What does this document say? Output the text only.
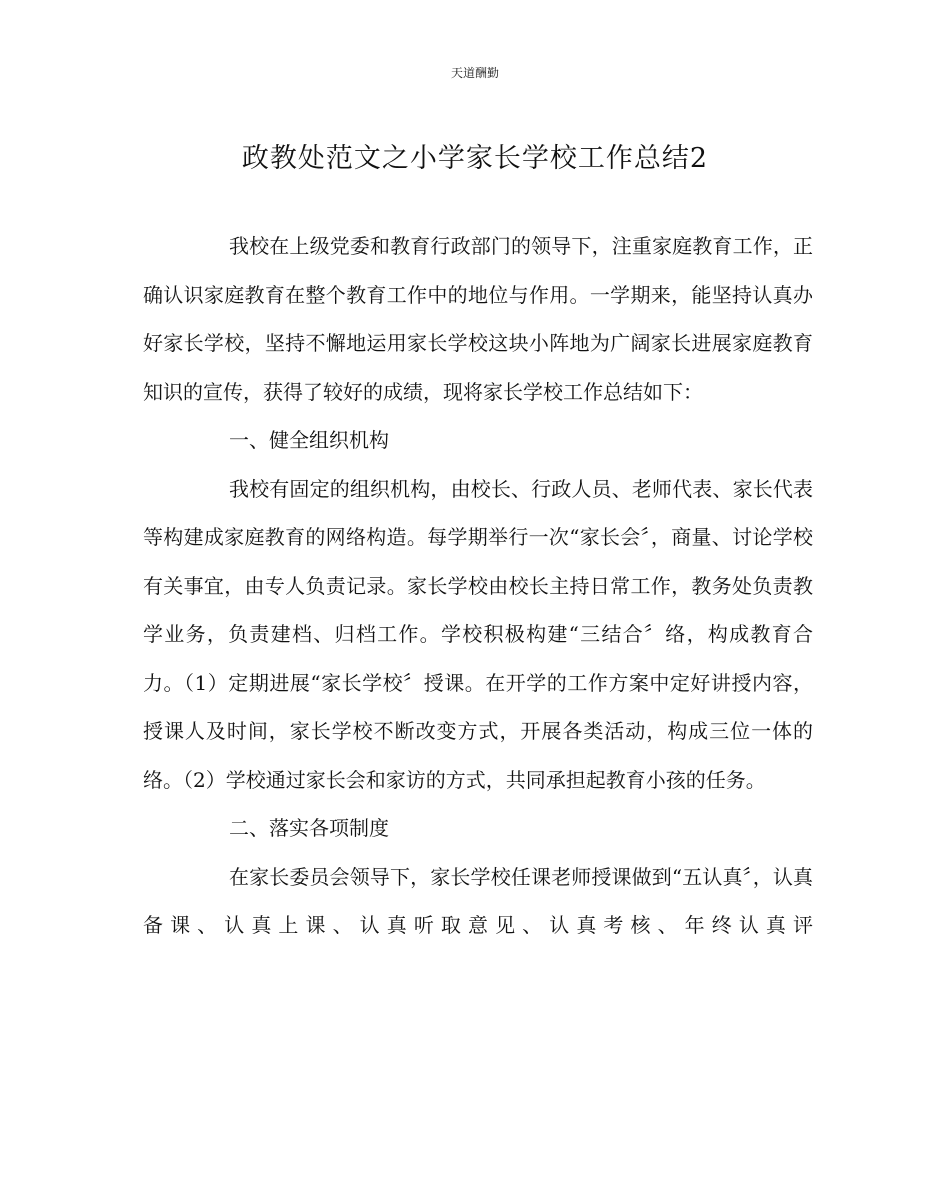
天道酬勤
政教处范文之小学家长学校工作总结2

我校在上级党委和教育行政部门的领导下，注重家庭教育工作，正确认识家庭教育在整个教育工作中的地位与作用。一学期来，能坚持认真办好家长学校，坚持不懈地运用家长学校这块小阵地为广阔家长进展家庭教育知识的宣传，获得了较好的成绩，现将家长学校工作总结如下：

一、健全组织机构

我校有固定的组织机构，由校长、行政人员、老师代表、家长代表等构建成家庭教育的网络构造。每学期举行一次“家长会〞，商量、讨论学校有关事宜，由专人负责记录。家长学校由校长主持日常工作，教务处负责教学业务，负责建档、归档工作。学校积极构建“三结合〞络，构成教育合力。（1）定期进展“家长学校〞授课。在开学的工作方案中定好讲授内容，授课人及时间，家长学校不断改变方式，开展各类活动，构成三位一体的络。（2）学校通过家长会和家访的方式，共同承担起教育小孩的任务。

二、落实各项制度

在家长委员会领导下，家长学校任课老师授课做到“五认真〞，认真备课、认真上课、认真听取意见、认真考核、年终认真评
